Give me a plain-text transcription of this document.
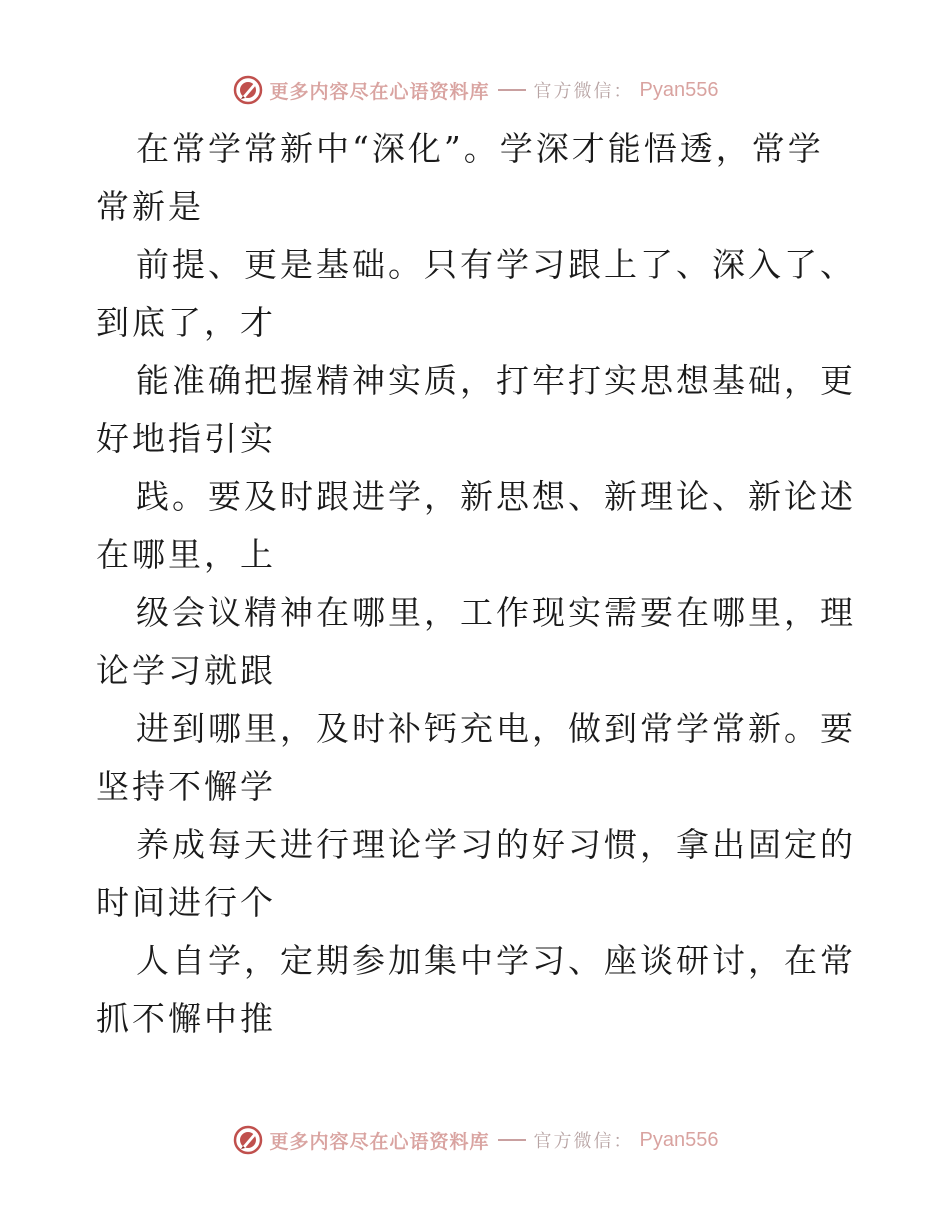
更多内容尽在心语资料库 官方微信： Pyan556

在常学常新中“深化”。学深才能悟透，常学常新是

前提、更是基础。只有学习跟上了、深入了、到底了，才

能准确把握精神实质，打牢打实思想基础，更好地指引实

践。要及时跟进学，新思想、新理论、新论述在哪里，上

级会议精神在哪里，工作现实需要在哪里，理论学习就跟

进到哪里，及时补钙充电，做到常学常新。要坚持不懈学

养成每天进行理论学习的好习惯，拿出固定的时间进行个

人自学，定期参加集中学习、座谈研讨，在常抓不懈中推

更多内容尽在心语资料库 官方微信： Pyan556
